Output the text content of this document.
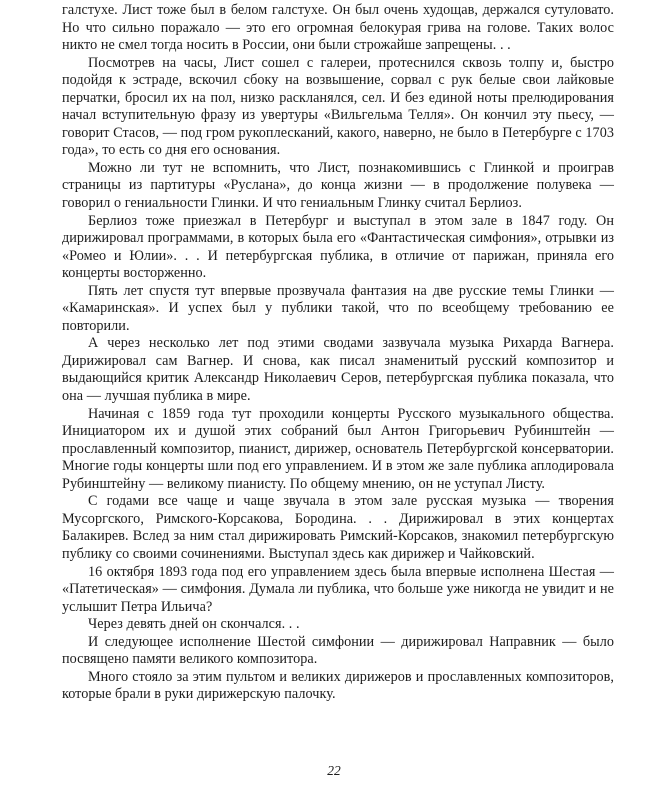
галстухе. Лист тоже был в белом галстухе. Он был очень худощав, держался сутуловато. Но что сильно поражало — это его огромная белокурая грива на голове. Таких волос никто не смел тогда носить в России, они были строжайше запрещены. . .

Посмотрев на часы, Лист сошел с галереи, протеснился сквозь толпу и, быстро подойдя к эстраде, вскочил сбоку на возвышение, сорвал с рук белые свои лайковые перчатки, бросил их на пол, низко раскланялся, сел. И без единой ноты прелюдирования начал вступительную фразу из увертуры «Вильгельма Телля». Он кончил эту пьесу, — говорит Стасов, — под гром рукоплесканий, какого, наверно, не было в Петербурге с 1703 года», то есть со дня его основания.

Можно ли тут не вспомнить, что Лист, познакомившись с Глинкой и проиграв страницы из партитуры «Руслана», до конца жизни — в продолжение полувека — говорил о гениальности Глинки. И что гениальным Глинку считал Берлиоз.

Берлиоз тоже приезжал в Петербург и выступал в этом зале в 1847 году. Он дирижировал программами, в которых была его «Фантастическая симфония», отрывки из «Ромео и Юлии». . . И петербургская публика, в отличие от парижан, приняла его концерты восторженно.

Пять лет спустя тут впервые прозвучала фантазия на две русские темы Глинки — «Камаринская». И успех был у публики такой, что по всеобщему требованию ее повторили.

А через несколько лет под этими сводами зазвучала музыка Рихарда Вагнера. Дирижировал сам Вагнер. И снова, как писал знаменитый русский композитор и выдающийся критик Александр Николаевич Серов, петербургская публика показала, что она — лучшая публика в мире.

Начиная с 1859 года тут проходили концерты Русского музыкального общества. Инициатором их и душой этих собраний был Антон Григорьевич Рубинштейн — прославленный композитор, пианист, дирижер, основатель Петербургской консерватории. Многие годы концерты шли под его управлением. И в этом же зале публика аплодировала Рубинштейну — великому пианисту. По общему мнению, он не уступал Листу.

С годами все чаще и чаще звучала в этом зале русская музыка — творения Мусоргского, Римского-Корсакова, Бородина. . . Дирижировал в этих концертах Балакирев. Вслед за ним стал дирижировать Римский-Корсаков, знакомил петербургскую публику со своими сочинениями. Выступал здесь как дирижер и Чайковский.

16 октября 1893 года под его управлением здесь была впервые исполнена Шестая — «Патетическая» — симфония. Думала ли публика, что больше уже никогда не увидит и не услышит Петра Ильича?

Через девять дней он скончался. . .

И следующее исполнение Шестой симфонии — дирижировал Направник — было посвящено памяти великого композитора.

Много стояло за этим пультом и великих дирижеров и прославленных композиторов, которые брали в руки дирижерскую палочку.

22
